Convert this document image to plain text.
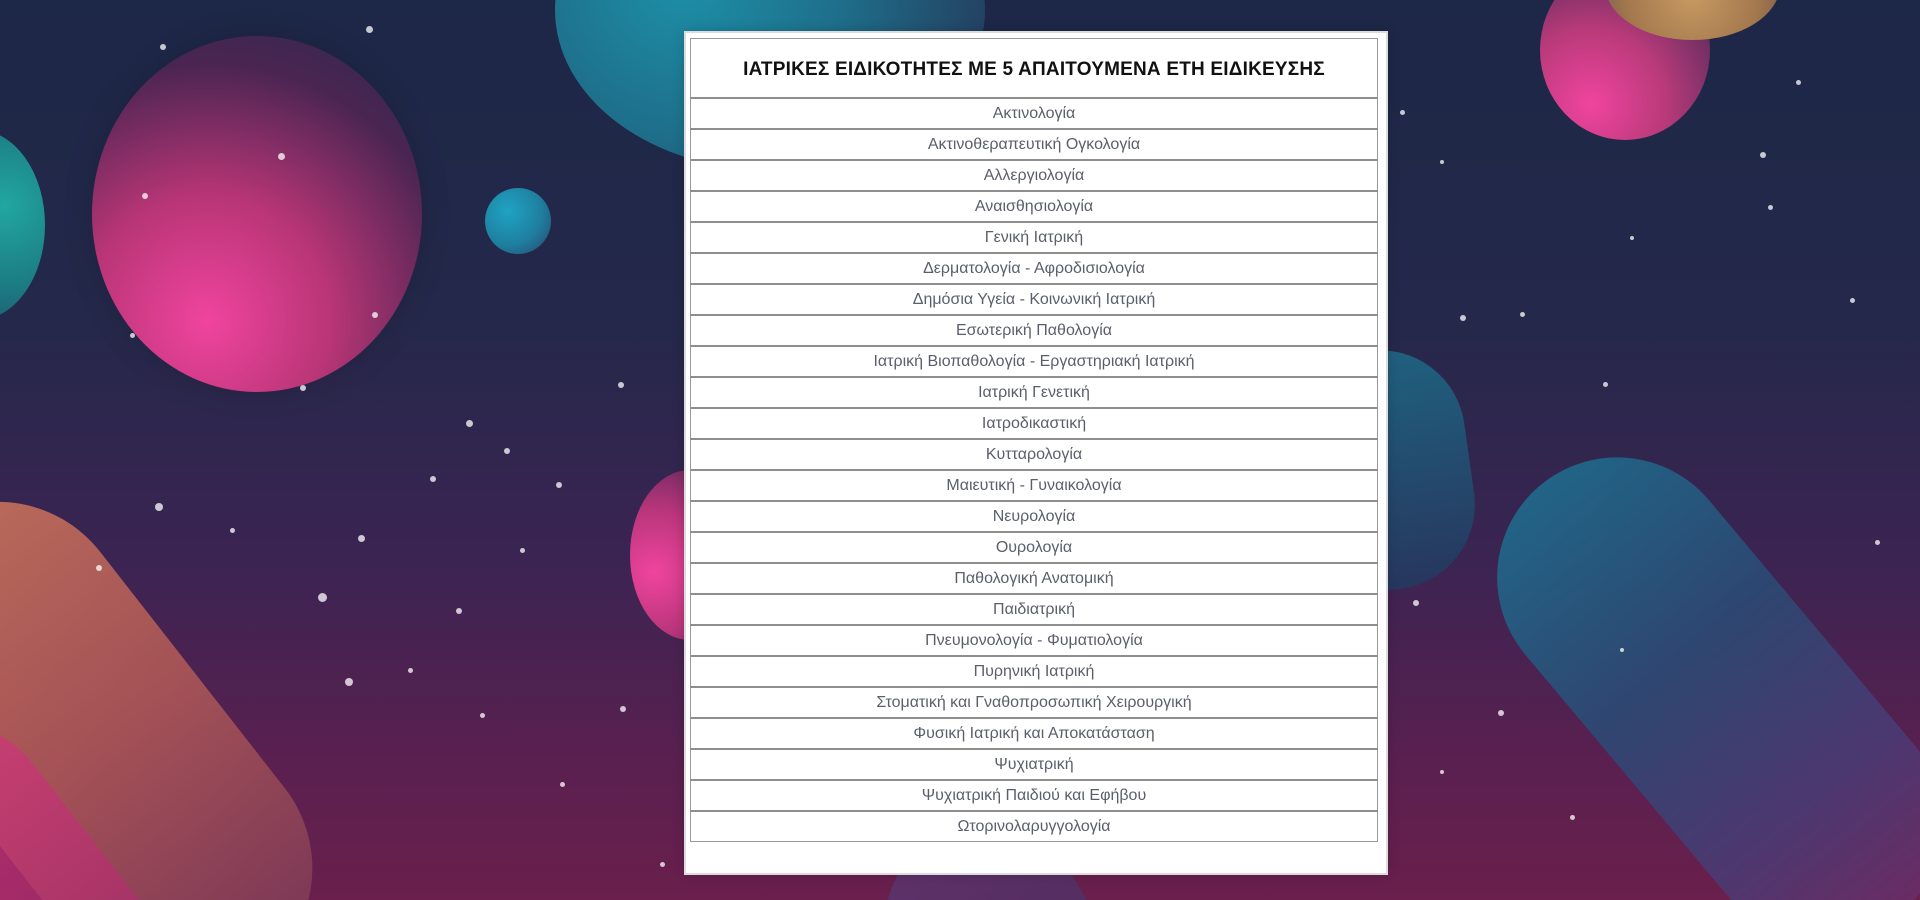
ΙΑΤΡΙΚΕΣ ΕΙΔΙΚΟΤΗΤΕΣ ΜΕ 5 ΑΠΑΙΤΟΥΜΕΝΑ ΕΤΗ ΕΙΔΙΚΕΥΣΗΣ
Ακτινολογία
Ακτινοθεραπευτική Ογκολογία
Αλλεργιολογία
Αναισθησιολογία
Γενική Ιατρική
Δερματολογία - Αφροδισιολογία
Δημόσια Υγεία - Κοινωνική Ιατρική
Εσωτερική Παθολογία
Ιατρική Βιοπαθολογία - Εργαστηριακή Ιατρική
Ιατρική Γενετική
Ιατροδικαστική
Κυτταρολογία
Μαιευτική - Γυναικολογία
Νευρολογία
Ουρολογία
Παθολογική Ανατομική
Παιδιατρική
Πνευμονολογία - Φυματιολογία
Πυρηνική Ιατρική
Στοματική και Γναθοπροσωπική Χειρουργική
Φυσική Ιατρική και Αποκατάσταση
Ψυχιατρική
Ψυχιατρική Παιδιού και Εφήβου
Ωτορινολαρυγγολογία
